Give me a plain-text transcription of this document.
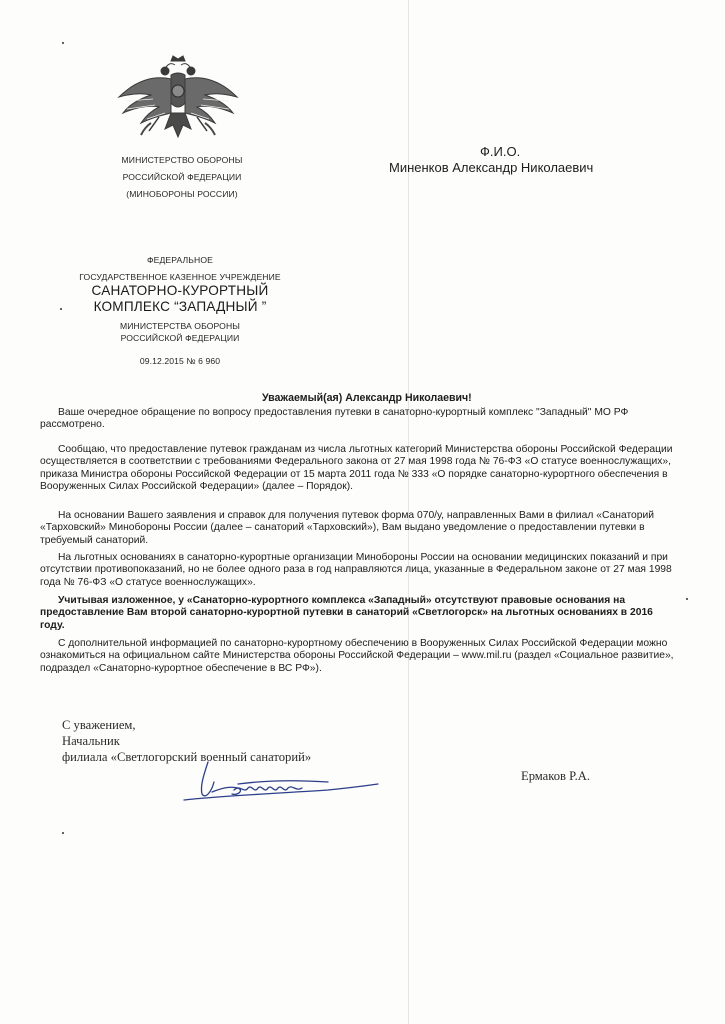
МИНИСТЕРСТВО ОБОРОНЫ
РОССИЙСКОЙ ФЕДЕРАЦИИ
(МИНОБОРОНЫ РОССИИ)
ФЕДЕРАЛЬНОЕ
ГОСУДАРСТВЕННОЕ КАЗЕННОЕ УЧРЕЖДЕНИЕ
САНАТОРНО-КУРОРТНЫЙ
КОМПЛЕКС “ЗАПАДНЫЙ ”
МИНИСТЕРСТВА ОБОРОНЫ
РОССИЙСКОЙ ФЕДЕРАЦИИ
09.12.2015 № 6 960
Ф.И.О.
Миненков Александр Николаевич
Уважаемый(ая) Александр Николаевич!

Ваше очередное обращение по вопросу предоставления путевки в санаторно-курортный комплекс "Западный" МО РФ рассмотрено.

Сообщаю, что предоставление путевок гражданам из числа льготных категорий Министерства обороны Российской Федерации осуществляется в соответствии с требованиями Федерального закона от 27 мая 1998 года № 76-ФЗ «О статусе военнослужащих», приказа Министра обороны Российской Федерации от 15 марта 2011 года № 333 «О порядке санаторно-курортного обеспечения в Вооруженных Силах Российской Федерации» (далее – Порядок).

На основании Вашего заявления и справок для получения путевок форма 070/у, направленных Вами в филиал «Санаторий «Тарховский» Минобороны России (далее – санаторий «Тарховский»), Вам выдано уведомление о предоставлении путевки в требуемый санаторий.

На льготных основаниях в санаторно-курортные организации Минобороны России на основании медицинских показаний и при отсутствии противопоказаний, но не более одного раза в год направляются лица, указанные в Федеральном законе от 27 мая 1998 года № 76-ФЗ «О статусе военнослужащих».

Учитывая изложенное, у «Санаторно-курортного комплекса «Западный» отсутствуют правовые основания на предоставление Вам второй санаторно-курортной путевки в санаторий «Светлогорск» на льготных основаниях в 2016 году.

С дополнительной информацией по санаторно-курортному обеспечению в Вооруженных Силах Российской Федерации можно ознакомиться на официальном сайте Министерства обороны Российской Федерации – www.mil.ru (раздел «Социальное развитие», подраздел «Санаторно-курортное обеспечение в ВС РФ»).

С уважением,
Начальник
филиала «Светлогорский военный санаторий»
Ермаков Р.А.
